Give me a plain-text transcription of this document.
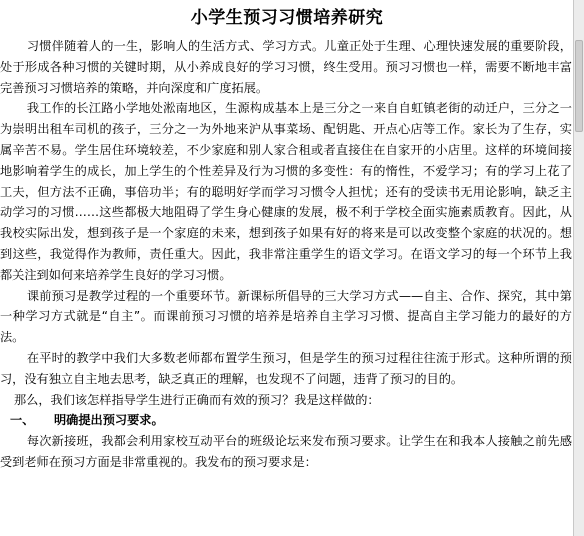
小学生预习习惯培养研究

习惯伴随着人的一生，影响人的生活方式、学习方式。儿童正处于生理、心理快速发展的重要阶段，处于形成各种习惯的关键时期，从小养成良好的学习习惯，终生受用。预习习惯也一样，需要不断地丰富完善预习习惯培养的策略，并向深度和广度拓展。

我工作的长江路小学地处淞南地区，生源构成基本上是三分之一来自自虹镇老街的动迁户，三分之一为崇明出租车司机的孩子，三分之一为外地来沪从事菜场、配钥匙、开点心店等工作。家长为了生存，实属辛苦不易。学生居住环境较差，不少家庭和别人家合租或者直接住在自家开的小店里。这样的环境间接地影响着学生的成长，加上学生的个性差异及行为习惯的多变性：有的惰性，不爱学习；有的学习上花了工夫，但方法不正确，事倍功半；有的聪明好学而学习习惯令人担忧；还有的受读书无用论影响，缺乏主动学习的习惯……这些都极大地阻碍了学生身心健康的发展，极不利于学校全面实施素质教育。因此，从我校实际出发，想到孩子是一个家庭的未来，想到孩子如果有好的将来是可以改变整个家庭的状况的。想到这些，我觉得作为教师，责任重大。因此，我非常注重学生的语文学习。在语文学习的每一个环节上我都关注到如何来培养学生良好的学习习惯。

课前预习是教学过程的一个重要环节。新课标所倡导的三大学习方式——自主、合作、探究，其中第一种学习方式就是“自主”。而课前预习习惯的培养是培养自主学习习惯、提高自主学习能力的最好的方法。

在平时的教学中我们大多数老师都布置学生预习，但是学生的预习过程往往流于形式。这种所谓的预习，没有独立自主地去思考，缺乏真正的理解，也发现不了问题，违背了预习的目的。

那么，我们该怎样指导学生进行正确而有效的预习？我是这样做的：

一、 明确提出预习要求。

每次新接班，我都会利用家校互动平台的班级论坛来发布预习要求。让学生在和我本人接触之前先感受到老师在预习方面是非常重视的。我发布的预习要求是：
